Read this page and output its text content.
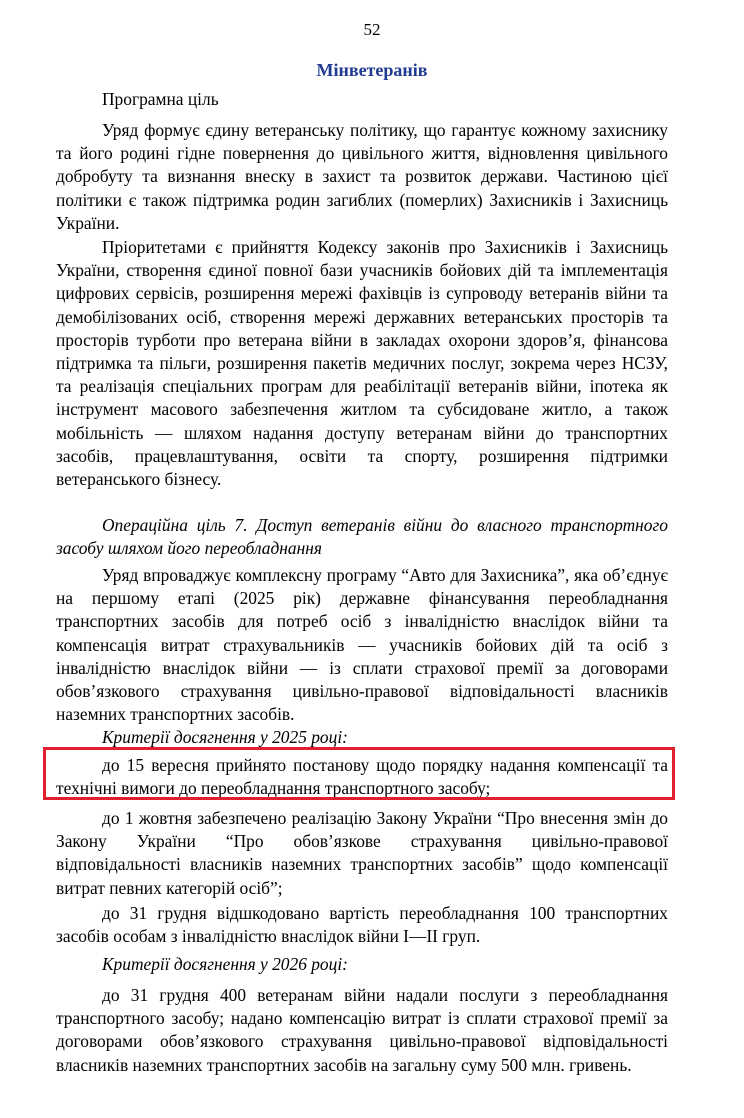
52
Мінветеранів

Програмна ціль

Уряд формує єдину ветеранську політику, що гарантує кожному захиснику та його родині гідне повернення до цивільного життя, відновлення цивільного добробуту та визнання внеску в захист та розвиток держави. Частиною цієї політики є також підтримка родин загиблих (померлих) Захисників і Захисниць України.

Пріоритетами є прийняття Кодексу законів про Захисників і Захисниць України, створення єдиної повної бази учасників бойових дій та імплементація цифрових сервісів, розширення мережі фахівців із супроводу ветеранів війни та демобілізованих осіб, створення мережі державних ветеранських просторів та просторів турботи про ветерана війни в закладах охорони здоров’я, фінансова підтримка та пільги, розширення пакетів медичних послуг, зокрема через НСЗУ, та реалізація спеціальних програм для реабілітації ветеранів війни, іпотека як інструмент масового забезпечення житлом та субсидоване житло, а також мобільність — шляхом надання доступу ветеранам війни до транспортних засобів, працевлаштування, освіти та спорту, розширення підтримки ветеранського бізнесу.

Операційна ціль 7. Доступ ветеранів війни до власного транспортного засобу шляхом його переобладнання

Уряд впроваджує комплексну програму “Авто для Захисника”, яка об’єднує на першому етапі (2025 рік) державне фінансування переобладнання транспортних засобів для потреб осіб з інвалідністю внаслідок війни та компенсація витрат страхувальників — учасників бойових дій та осіб з інвалідністю внаслідок війни — із сплати страхової премії за договорами обов’язкового страхування цивільно-правової відповідальності власників наземних транспортних засобів.

Критерії досягнення у 2025 році:

до 15 вересня прийнято постанову щодо порядку надання компенсації та технічні вимоги до переобладнання транспортного засобу;

до 1 жовтня забезпечено реалізацію Закону України “Про внесення змін до Закону України “Про обов’язкове страхування цивільно-правової відповідальності власників наземних транспортних засобів” щодо компенсації витрат певних категорій осіб”;

до 31 грудня відшкодовано вартість переобладнання 100 транспортних засобів особам з інвалідністю внаслідок війни I—II груп.

Критерії досягнення у 2026 році:

до 31 грудня 400 ветеранам війни надали послуги з переобладнання транспортного засобу; надано компенсацію витрат із сплати страхової премії за договорами обов’язкового страхування цивільно-правової відповідальності власників наземних транспортних засобів на загальну суму 500 млн. гривень.
